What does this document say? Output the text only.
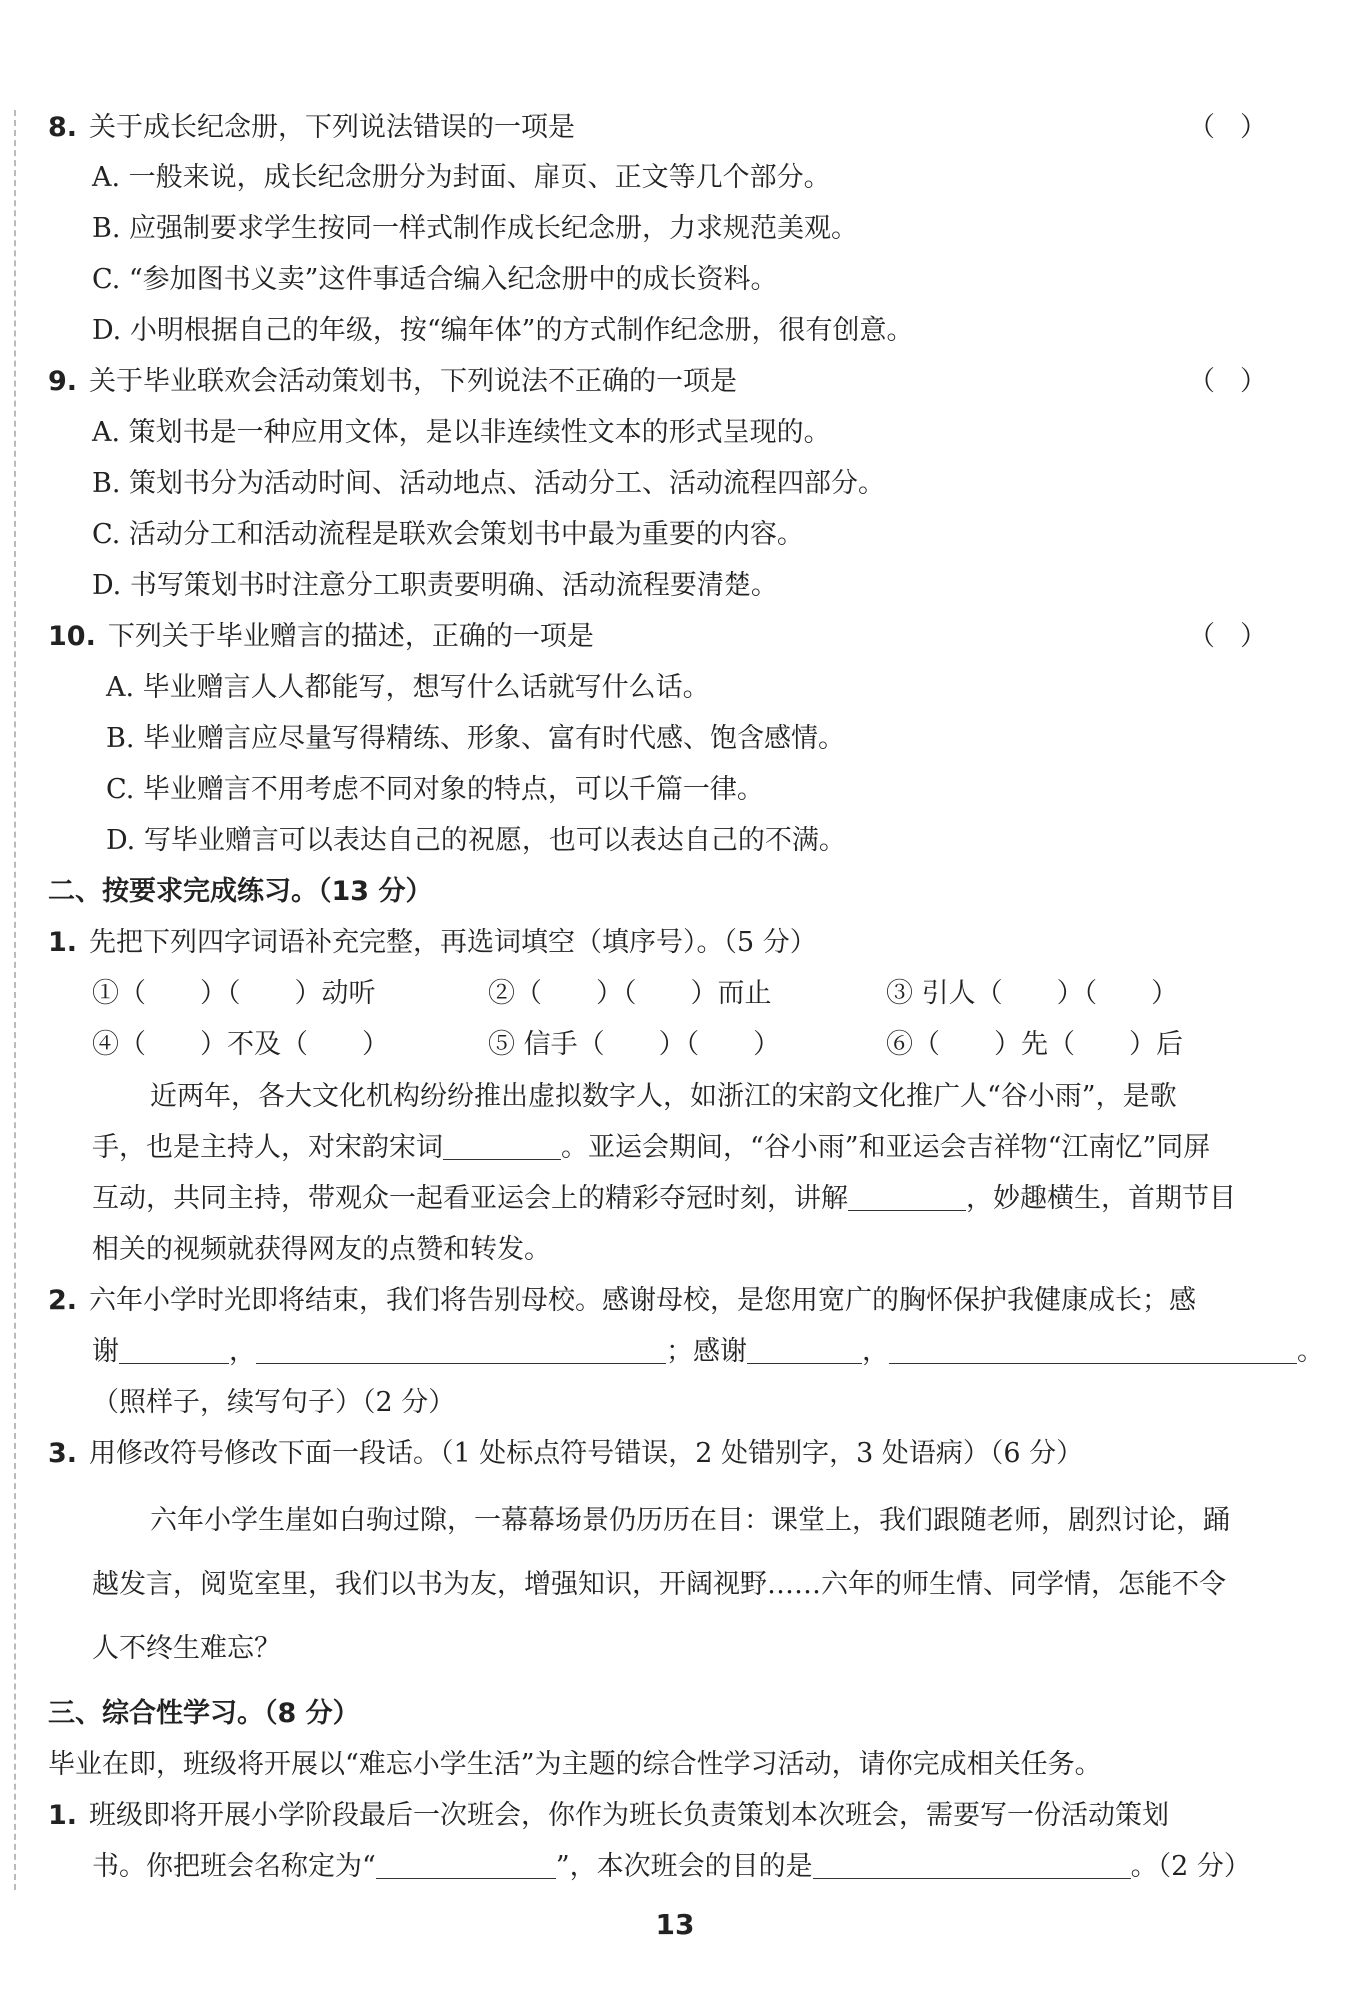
8. 关于成长纪念册，下列说法错误的一项是	（ ）
A. 一般来说，成长纪念册分为封面、扉页、正文等几个部分。
B. 应强制要求学生按同一样式制作成长纪念册，力求规范美观。
C. “参加图书义卖”这件事适合编入纪念册中的成长资料。
D. 小明根据自己的年级，按“编年体”的方式制作纪念册，很有创意。
9. 关于毕业联欢会活动策划书，下列说法不正确的一项是	（ ）
A. 策划书是一种应用文体，是以非连续性文本的形式呈现的。
B. 策划书分为活动时间、活动地点、活动分工、活动流程四部分。
C. 活动分工和活动流程是联欢会策划书中最为重要的内容。
D. 书写策划书时注意分工职责要明确、活动流程要清楚。
10. 下列关于毕业赠言的描述，正确的一项是	（ ）
A. 毕业赠言人人都能写，想写什么话就写什么话。
B. 毕业赠言应尽量写得精练、形象、富有时代感、饱含感情。
C. 毕业赠言不用考虑不同对象的特点，可以千篇一律。
D. 写毕业赠言可以表达自己的祝愿，也可以表达自己的不满。
二、按要求完成练习。（13 分）
1. 先把下列四字词语补充完整，再选词填空（填序号）。（5 分）
①（　　）（　　）动听	②（　　）（　　）而止	③ 引人（　　）（　　）
④（　　）不及（　　）	⑤ 信手（　　）（　　）	⑥（　　）先（　　）后
近两年，各大文化机构纷纷推出虚拟数字人，如浙江的宋韵文化推广人“谷小雨”，是歌
手，也是主持人，对宋韵宋词	。亚运会期间，“谷小雨”和亚运会吉祥物“江南忆”同屏
互动，共同主持，带观众一起看亚运会上的精彩夺冠时刻，讲解	，妙趣横生，首期节目
相关的视频就获得网友的点赞和转发。
2. 六年小学时光即将结束，我们将告别母校。感谢母校，是您用宽广的胸怀保护我健康成长；感
谢	，	；感谢	，	。
（照样子，续写句子）（2 分）
3. 用修改符号修改下面一段话。（1 处标点符号错误，2 处错别字，3 处语病）（6 分）
六年小学生崖如白驹过隙，一幕幕场景仍历历在目：课堂上，我们跟随老师，剧烈讨论，踊
越发言，阅览室里，我们以书为友，增强知识，开阔视野……六年的师生情、同学情，怎能不令
人不终生难忘？
三、综合性学习。（8 分）
毕业在即，班级将开展以“难忘小学生活”为主题的综合性学习活动，请你完成相关任务。
1. 班级即将开展小学阶段最后一次班会，你作为班长负责策划本次班会，需要写一份活动策划
书。你把班会名称定为“	”，本次班会的目的是	。（2 分）
13
